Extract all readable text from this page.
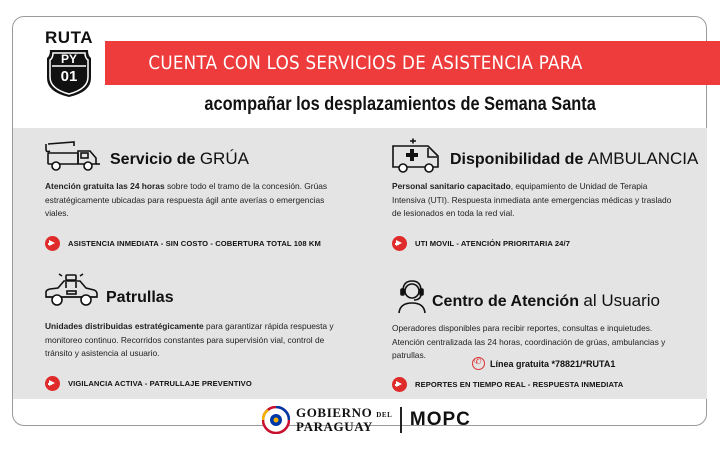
RUTA
PY
01
CUENTA CON LOS SERVICIOS DE ASISTENCIA PARA
acompañar los desplazamientos de Semana Santa
Servicio de GRÚA
Atención gratuita las 24 horas sobre todo el tramo de la concesión. Grúas estratégicamente ubicadas para respuesta ágil ante averías o emergencias viales.
ASISTENCIA INMEDIATA - SIN COSTO - COBERTURA TOTAL 108 KM
Disponibilidad de AMBULANCIA
Personal sanitario capacitado, equipamiento de Unidad de Terapia Intensiva (UTI). Respuesta inmediata ante emergencias médicas y traslado de lesionados en toda la red vial.
UTI MOVIL - ATENCIÓN PRIORITARIA 24/7
Patrullas
Unidades distribuidas estratégicamente para garantizar rápida respuesta y monitoreo continuo. Recorridos constantes para supervisión vial, control de tránsito y asistencia al usuario.
VIGILANCIA ACTIVA - PATRULLAJE PREVENTIVO
Centro de Atención al Usuario
Operadores disponibles para recibir reportes, consultas e inquietudes. Atención centralizada las 24 horas, coordinación de grúas, ambulancias y patrullas.
✆ Línea gratuita *78821/*RUTA1
REPORTES EN TIEMPO REAL - RESPUESTA INMEDIATA
GOBIERNO DEL
PARAGUAY	MOPC
